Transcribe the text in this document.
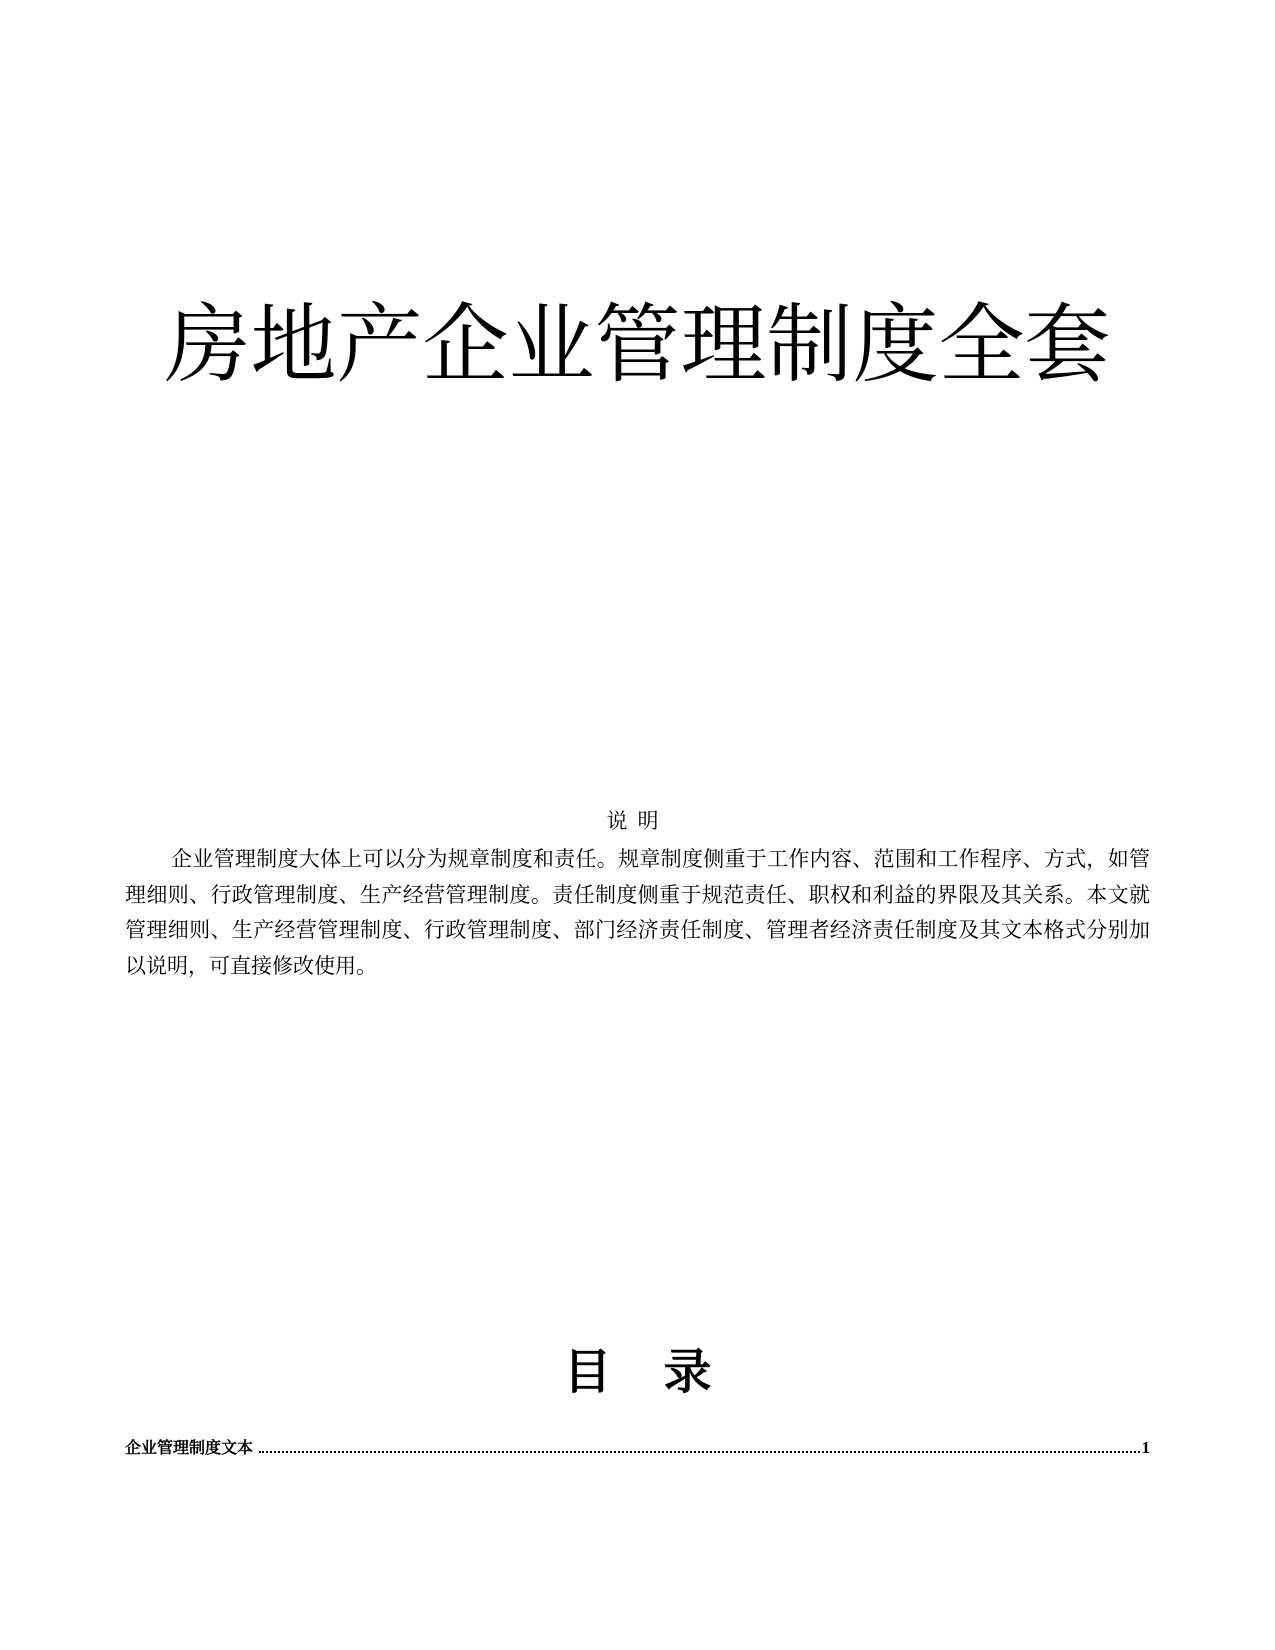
房地产企业管理制度全套
说明

企业管理制度大体上可以分为规章制度和责任。规章制度侧重于工作内容、范围和工作程序、方式，如管理细则、行政管理制度、生产经营管理制度。责任制度侧重于规范责任、职权和利益的界限及其关系。本文就管理细则、生产经营管理制度、行政管理制度、部门经济责任制度、管理者经济责任制度及其文本格式分别加以说明，可直接修改使用。

目录
企业管理制度文本	1
